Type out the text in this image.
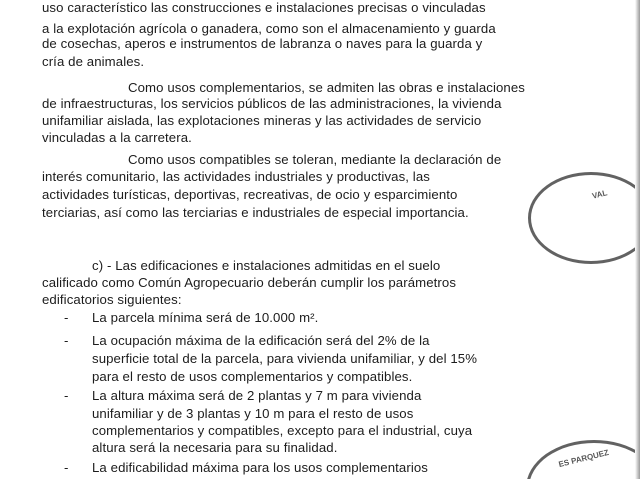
uso característico las construcciones e instalaciones precisas o vinculadas
a la explotación agrícola o ganadera, como son el almacenamiento y guarda
de cosechas, aperos e instrumentos de labranza o naves para la guarda y
cría de animales.
Como usos complementarios, se admiten las obras e instalaciones
de infraestructuras, los servicios públicos de las administraciones, la vivienda
unifamiliar aislada, las explotaciones mineras y las actividades de servicio
vinculadas a la carretera.
Como usos compatibles se toleran, mediante la declaración de
interés comunitario, las actividades industriales y productivas, las
actividades turísticas, deportivas, recreativas, de ocio y esparcimiento
terciarias, así como las terciarias e industriales de especial importancia.
c) - Las edificaciones e instalaciones admitidas en el suelo
calificado como Común Agropecuario deberán cumplir los parámetros
edificatorios siguientes:
- La parcela mínima será de 10.000 m².
- La ocupación máxima de la edificación será del 2% de la
superficie total de la parcela, para vivienda unifamiliar, y del 15%
para el resto de usos complementarios y compatibles.
- La altura máxima será de 2 plantas y 7 m para vivienda
unifamiliar y de 3 plantas y 10 m para el resto de usos
complementarios y compatibles, excepto para el industrial, cuya
altura será la necesaria para su finalidad.
- La edificabilidad máxima para los usos complementarios
VAL
ES PARQUEZ
